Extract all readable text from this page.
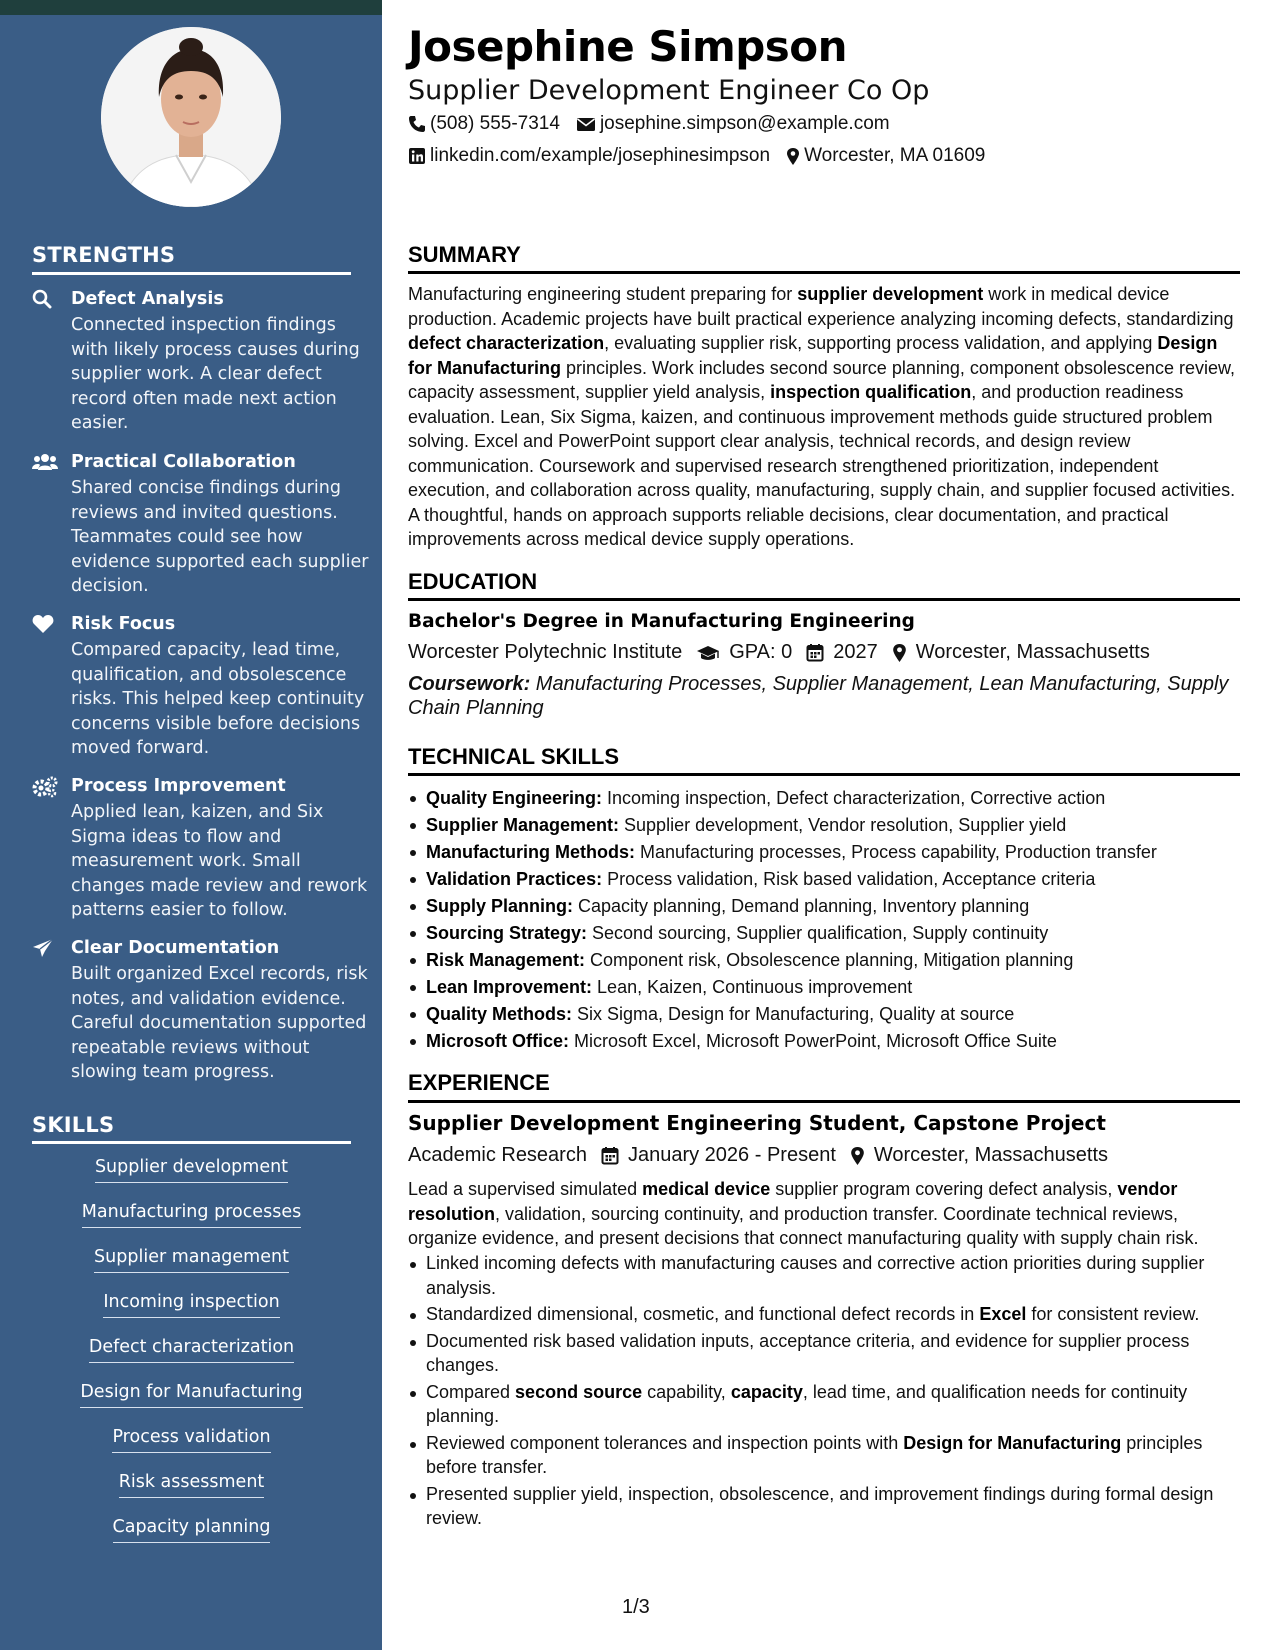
STRENGTHS
Defect Analysis
Connected inspection findings with likely process causes during supplier work. A clear defect record often made next action easier.
Practical Collaboration
Shared concise findings during reviews and invited questions. Teammates could see how evidence supported each supplier decision.
Risk Focus
Compared capacity, lead time, qualification, and obsolescence risks. This helped keep continuity concerns visible before decisions moved forward.
Process Improvement
Applied lean, kaizen, and Six Sigma ideas to flow and measurement work. Small changes made review and rework patterns easier to follow.
Clear Documentation
Built organized Excel records, risk notes, and validation evidence. Careful documentation supported repeatable reviews without slowing team progress.
SKILLS
Supplier development
Manufacturing processes
Supplier management
Incoming inspection
Defect characterization
Design for Manufacturing
Process validation
Risk assessment
Capacity planning
Josephine Simpson
Supplier Development Engineer Co Op
(508) 555-7314 josephine.simpson@example.com
linkedin.com/example/josephinesimpson Worcester, MA 01609
SUMMARY
Manufacturing engineering student preparing for supplier development work in medical device production. Academic projects have built practical experience analyzing incoming defects, standardizing defect characterization, evaluating supplier risk, supporting process validation, and applying Design for Manufacturing principles. Work includes second source planning, component obsolescence review, capacity assessment, supplier yield analysis, inspection qualification, and production readiness evaluation. Lean, Six Sigma, kaizen, and continuous improvement methods guide structured problem solving. Excel and PowerPoint support clear analysis, technical records, and design review communication. Coursework and supervised research strengthened prioritization, independent execution, and collaboration across quality, manufacturing, supply chain, and supplier focused activities. A thoughtful, hands on approach supports reliable decisions, clear documentation, and practical improvements across medical device supply operations.
EDUCATION
Bachelor's Degree in Manufacturing Engineering
Worcester Polytechnic Institute GPA: 0 2027 Worcester, Massachusetts
Coursework: Manufacturing Processes, Supplier Management, Lean Manufacturing, Supply Chain Planning
TECHNICAL SKILLS
Quality Engineering: Incoming inspection, Defect characterization, Corrective action
Supplier Management: Supplier development, Vendor resolution, Supplier yield
Manufacturing Methods: Manufacturing processes, Process capability, Production transfer
Validation Practices: Process validation, Risk based validation, Acceptance criteria
Supply Planning: Capacity planning, Demand planning, Inventory planning
Sourcing Strategy: Second sourcing, Supplier qualification, Supply continuity
Risk Management: Component risk, Obsolescence planning, Mitigation planning
Lean Improvement: Lean, Kaizen, Continuous improvement
Quality Methods: Six Sigma, Design for Manufacturing, Quality at source
Microsoft Office: Microsoft Excel, Microsoft PowerPoint, Microsoft Office Suite
EXPERIENCE
Supplier Development Engineering Student, Capstone Project
Academic Research January 2026 - Present Worcester, Massachusetts
Lead a supervised simulated medical device supplier program covering defect analysis, vendor resolution, validation, sourcing continuity, and production transfer. Coordinate technical reviews, organize evidence, and present decisions that connect manufacturing quality with supply chain risk.
Linked incoming defects with manufacturing causes and corrective action priorities during supplier analysis.
Standardized dimensional, cosmetic, and functional defect records in Excel for consistent review.
Documented risk based validation inputs, acceptance criteria, and evidence for supplier process changes.
Compared second source capability, capacity, lead time, and qualification needs for continuity planning.
Reviewed component tolerances and inspection points with Design for Manufacturing principles before transfer.
Presented supplier yield, inspection, obsolescence, and improvement findings during formal design review.
1/3
